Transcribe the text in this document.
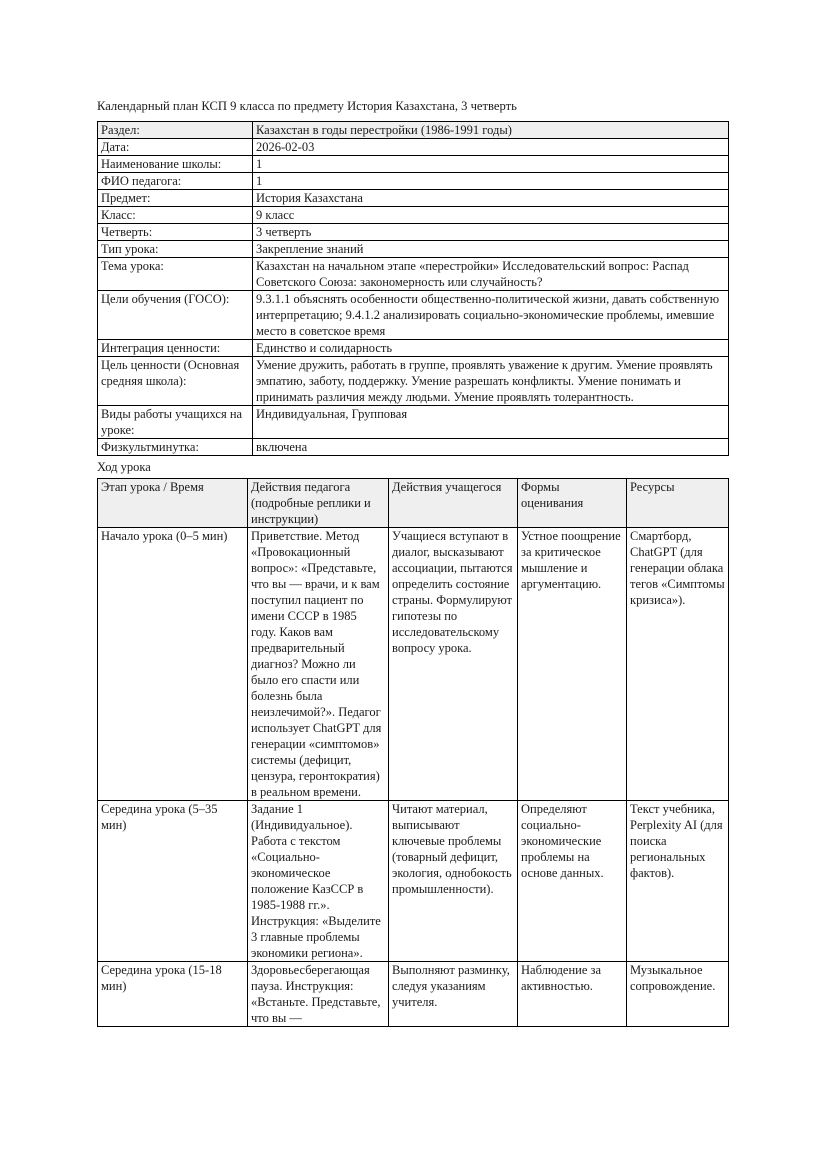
Календарный план КСП 9 класса по предмету История Казахстана, 3 четверть
Раздел:	Казахстан в годы перестройки (1986-1991 годы)
Дата:	2026-02-03
Наименование школы:	1
ФИО педагога:	1
Предмет:	История Казахстана
Класс:	9 класс
Четверть:	3 четверть
Тип урока:	Закрепление знаний
Тема урока:	Казахстан на начальном этапе «перестройки» Исследовательский вопрос: Распад Советского Союза: закономерность или случайность?
Цели обучения (ГОСО):	9.3.1.1 объяснять особенности общественно-политической жизни, давать собственную интерпретацию; 9.4.1.2 анализировать социально-экономические проблемы, имевшие место в советское время
Интеграция ценности:	Единство и солидарность
Цель ценности (Основная средняя школа):	Умение дружить, работать в группе, проявлять уважение к другим. Умение проявлять эмпатию, заботу, поддержку. Умение разрешать конфликты. Умение понимать и принимать различия между людьми. Умение проявлять толерантность.
Виды работы учащихся на уроке:	Индивидуальная, Групповая
Физкультминутка:	включена
Ход урока
Этап урока / Время	Действия педагога (подробные реплики и инструкции)	Действия учащегося	Формы оценивания	Ресурсы
Начало урока (0–5 мин)	Приветствие. Метод «Провокационный вопрос»: «Представьте, что вы — врачи, и к вам поступил пациент по имени СССР в 1985 году. Каков вам предварительный диагноз? Можно ли было его спасти или болезнь была неизлечимой?». Педагог использует ChatGPT для генерации «симптомов» системы (дефицит, цензура, геронтократия) в реальном времени.	Учащиеся вступают в диалог, высказывают ассоциации, пытаются определить состояние страны. Формулируют гипотезы по исследовательскому вопросу урока.	Устное поощрение за критическое мышление и аргументацию.	Смартборд, ChatGPT (для генерации облака тегов «Симптомы кризиса»).
Середина урока (5–35 мин)	Задание 1 (Индивидуальное). Работа с текстом «Социально-экономическое положение КазССР в 1985-1988 гг.». Инструкция: «Выделите 3 главные проблемы экономики региона».	Читают материал, выписывают ключевые проблемы (товарный дефицит, экология, однобокость промышленности).	Определяют социально-экономические проблемы на основе данных.	Текст учебника, Perplexity AI (для поиска региональных фактов).
Середина урока (15-18 мин)	Здоровьесберегающая пауза. Инструкция: «Встаньте. Представьте, что вы —	Выполняют разминку, следуя указаниям учителя.	Наблюдение за активностью.	Музыкальное сопровождение.
